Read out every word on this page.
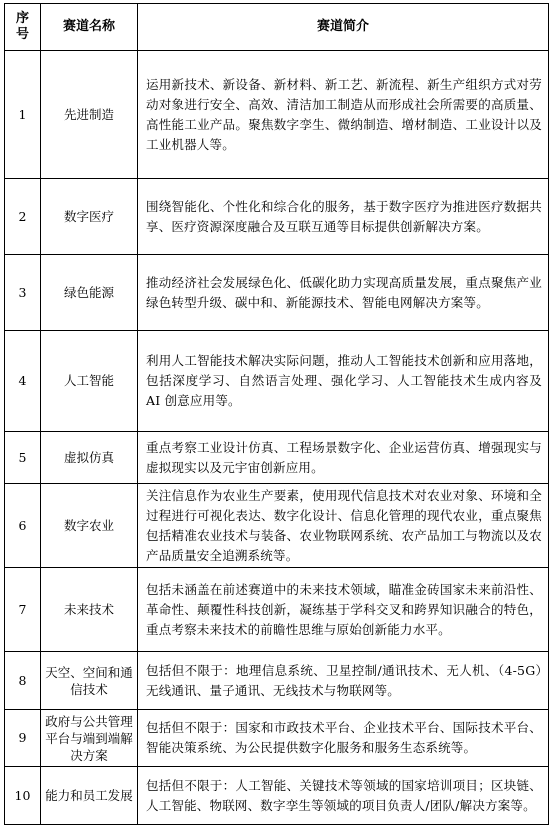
序号	赛道名称	赛道简介
1	先进制造	运用新技术、新设备、新材料、新工艺、新流程、新生产组织方式对劳动对象进行安全、高效、清洁加工制造从而形成社会所需要的高质量、高性能工业产品。聚焦数字孪生、微纳制造、增材制造、工业设计以及工业机器人等。
2	数字医疗	围绕智能化、个性化和综合化的服务，基于数字医疗为推进医疗数据共享、医疗资源深度融合及互联互通等目标提供创新解决方案。
3	绿色能源	推动经济社会发展绿色化、低碳化助力实现高质量发展，重点聚焦产业绿色转型升级、碳中和、新能源技术、智能电网解决方案等。
4	人工智能	利用人工智能技术解决实际问题，推动人工智能技术创新和应用落地，包括深度学习、自然语言处理、强化学习、人工智能技术生成内容及 AI 创意应用等。
5	虚拟仿真	重点考察工业设计仿真、工程场景数字化、企业运营仿真、增强现实与虚拟现实以及元宇宙创新应用。
6	数字农业	关注信息作为农业生产要素，使用现代信息技术对农业对象、环境和全过程进行可视化表达、数字化设计、信息化管理的现代农业，重点聚焦包括精准农业技术与装备、农业物联网系统、农产品加工与物流以及农产品质量安全追溯系统等。
7	未来技术	包括未涵盖在前述赛道中的未来技术领域，瞄准金砖国家未来前沿性、革命性、颠覆性科技创新，凝练基于学科交叉和跨界知识融合的特色，重点考察未来技术的前瞻性思维与原始创新能力水平。
8	天空、空间和通信技术	包括但不限于：地理信息系统、卫星控制/通讯技术、无人机、（4-5G）无线通讯、量子通讯、无线技术与物联网等。
9	政府与公共管理平台与端到端解决方案	包括但不限于：国家和市政技术平台、企业技术平台、国际技术平台、智能决策系统、为公民提供数字化服务和服务生态系统等。
10	能力和员工发展	包括但不限于：人工智能、关键技术等领域的国家培训项目；区块链、人工智能、物联网、数字孪生等领域的项目负责人/团队/解决方案等。
